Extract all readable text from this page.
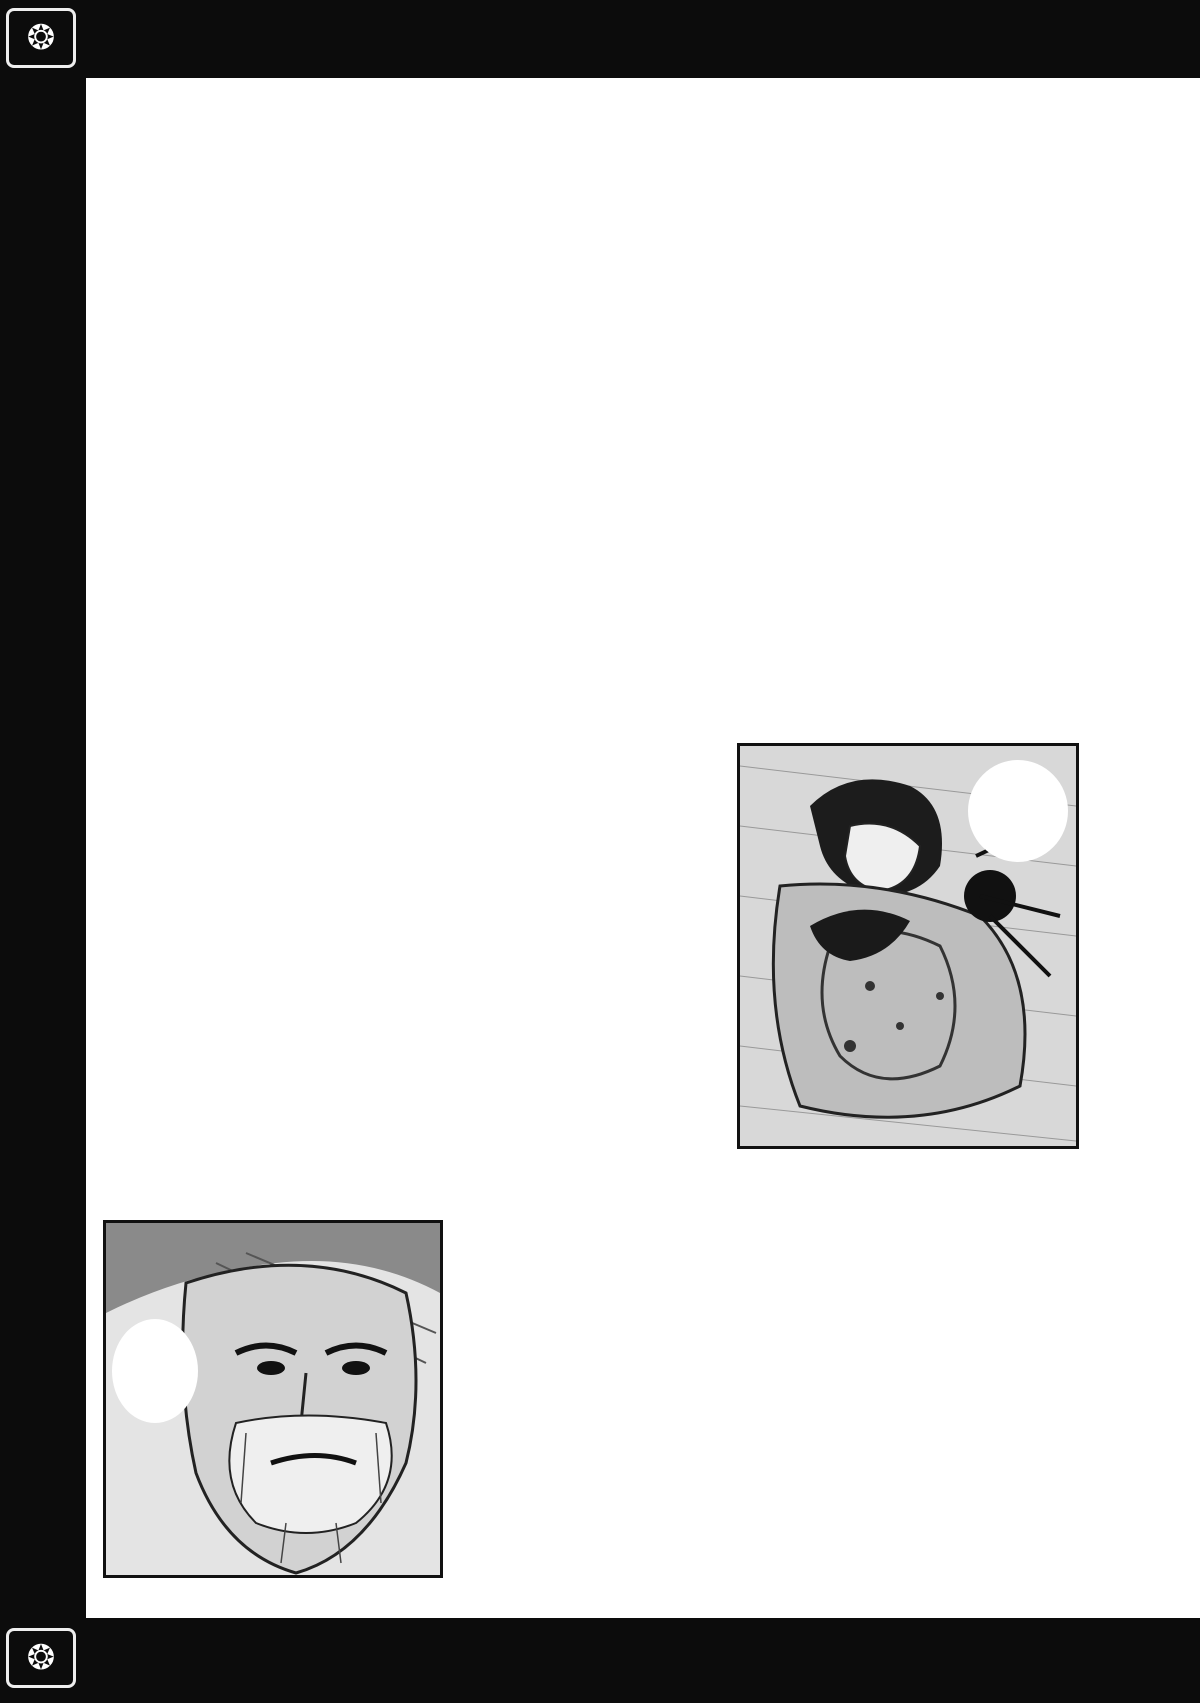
❂
❂
